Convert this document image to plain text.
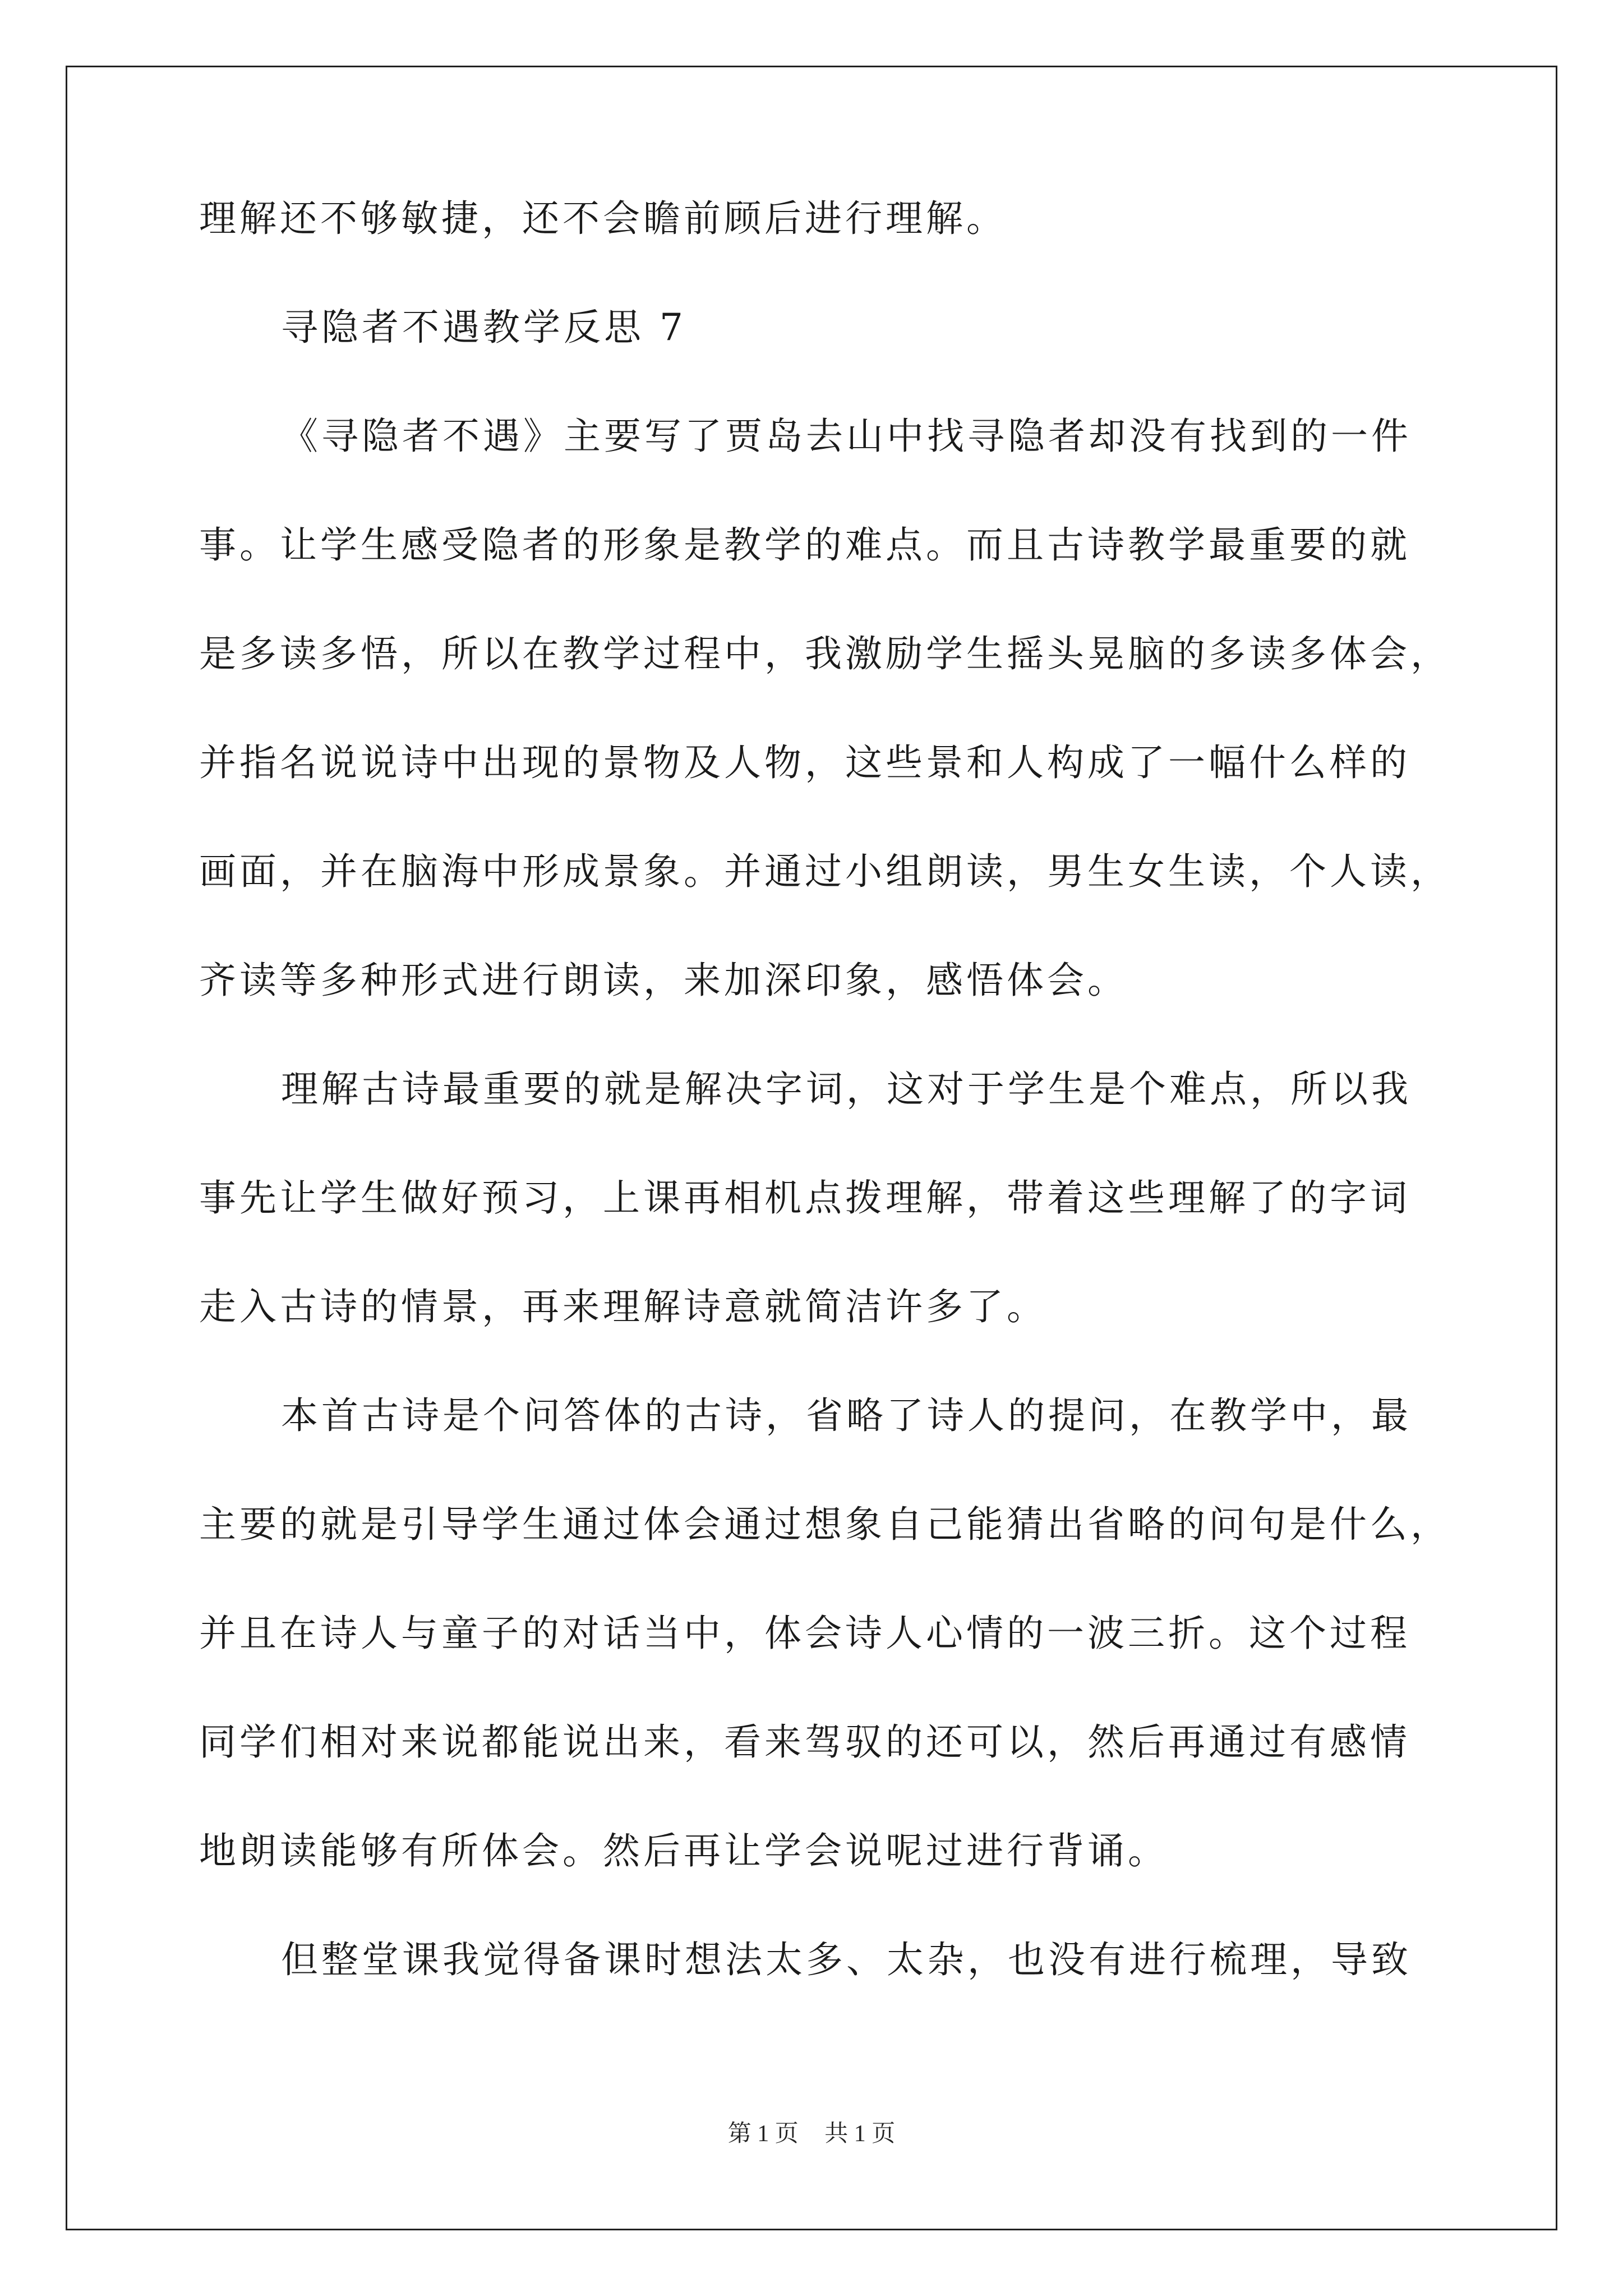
理解还不够敏捷，还不会瞻前顾后进行理解。
寻隐者不遇教学反思 7
《寻隐者不遇》主要写了贾岛去山中找寻隐者却没有找到的一件
事。让学生感受隐者的形象是教学的难点。而且古诗教学最重要的就
是多读多悟，所以在教学过程中，我激励学生摇头晃脑的多读多体会，
并指名说说诗中出现的景物及人物，这些景和人构成了一幅什么样的
画面，并在脑海中形成景象。并通过小组朗读，男生女生读，个人读，
齐读等多种形式进行朗读，来加深印象，感悟体会。
理解古诗最重要的就是解决字词，这对于学生是个难点，所以我
事先让学生做好预习，上课再相机点拨理解，带着这些理解了的字词
走入古诗的情景，再来理解诗意就简洁许多了。
本首古诗是个问答体的古诗，省略了诗人的提问，在教学中，最
主要的就是引导学生通过体会通过想象自己能猜出省略的问句是什么，
并且在诗人与童子的对话当中，体会诗人心情的一波三折。这个过程
同学们相对来说都能说出来，看来驾驭的还可以，然后再通过有感情
地朗读能够有所体会。然后再让学会说呢过进行背诵。
但整堂课我觉得备课时想法太多、太杂，也没有进行梳理，导致
第 1 页 共 1 页
